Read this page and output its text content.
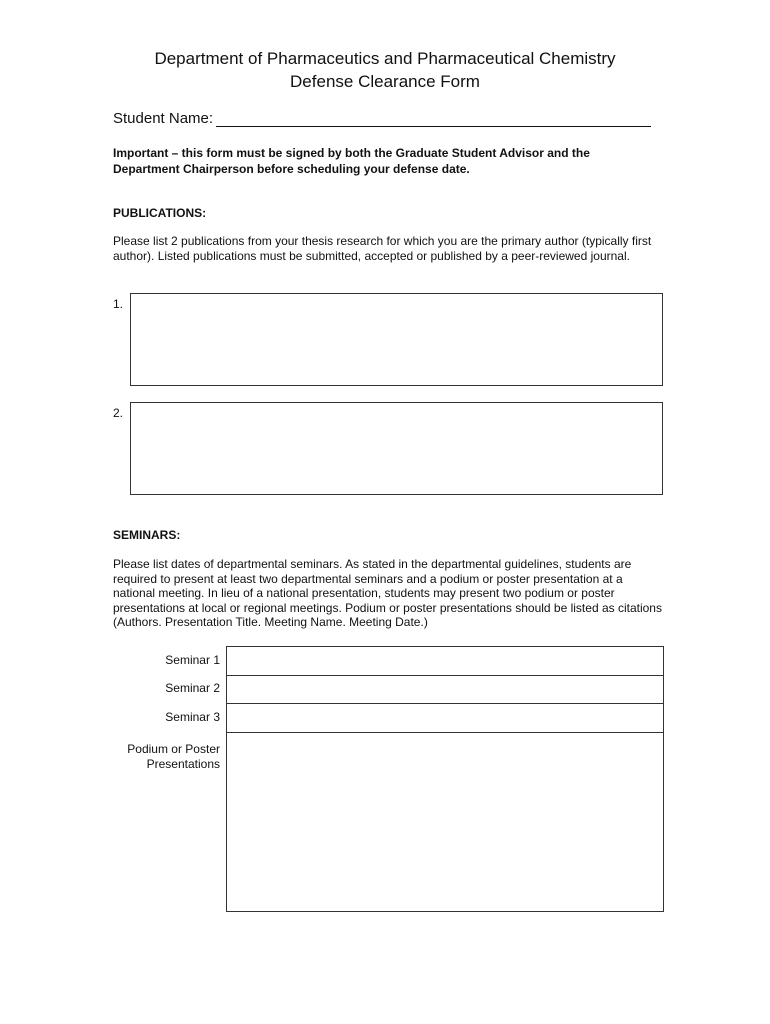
Department of Pharmaceutics and Pharmaceutical Chemistry
Defense Clearance Form
Student Name:
Important – this form must be signed by both the Graduate Student Advisor and the Department Chairperson before scheduling your defense date.
PUBLICATIONS:
Please list 2 publications from your thesis research for which you are the primary author (typically first author). Listed publications must be submitted, accepted or published by a peer-reviewed journal.
1.
2.
SEMINARS:
Please list dates of departmental seminars. As stated in the departmental guidelines, students are required to present at least two departmental seminars and a podium or poster presentation at a national meeting. In lieu of a national presentation, students may present two podium or poster presentations at local or regional meetings. Podium or poster presentations should be listed as citations (Authors. Presentation Title. Meeting Name. Meeting Date.)
Seminar 1
Seminar 2
Seminar 3
Podium or Poster
Presentations
